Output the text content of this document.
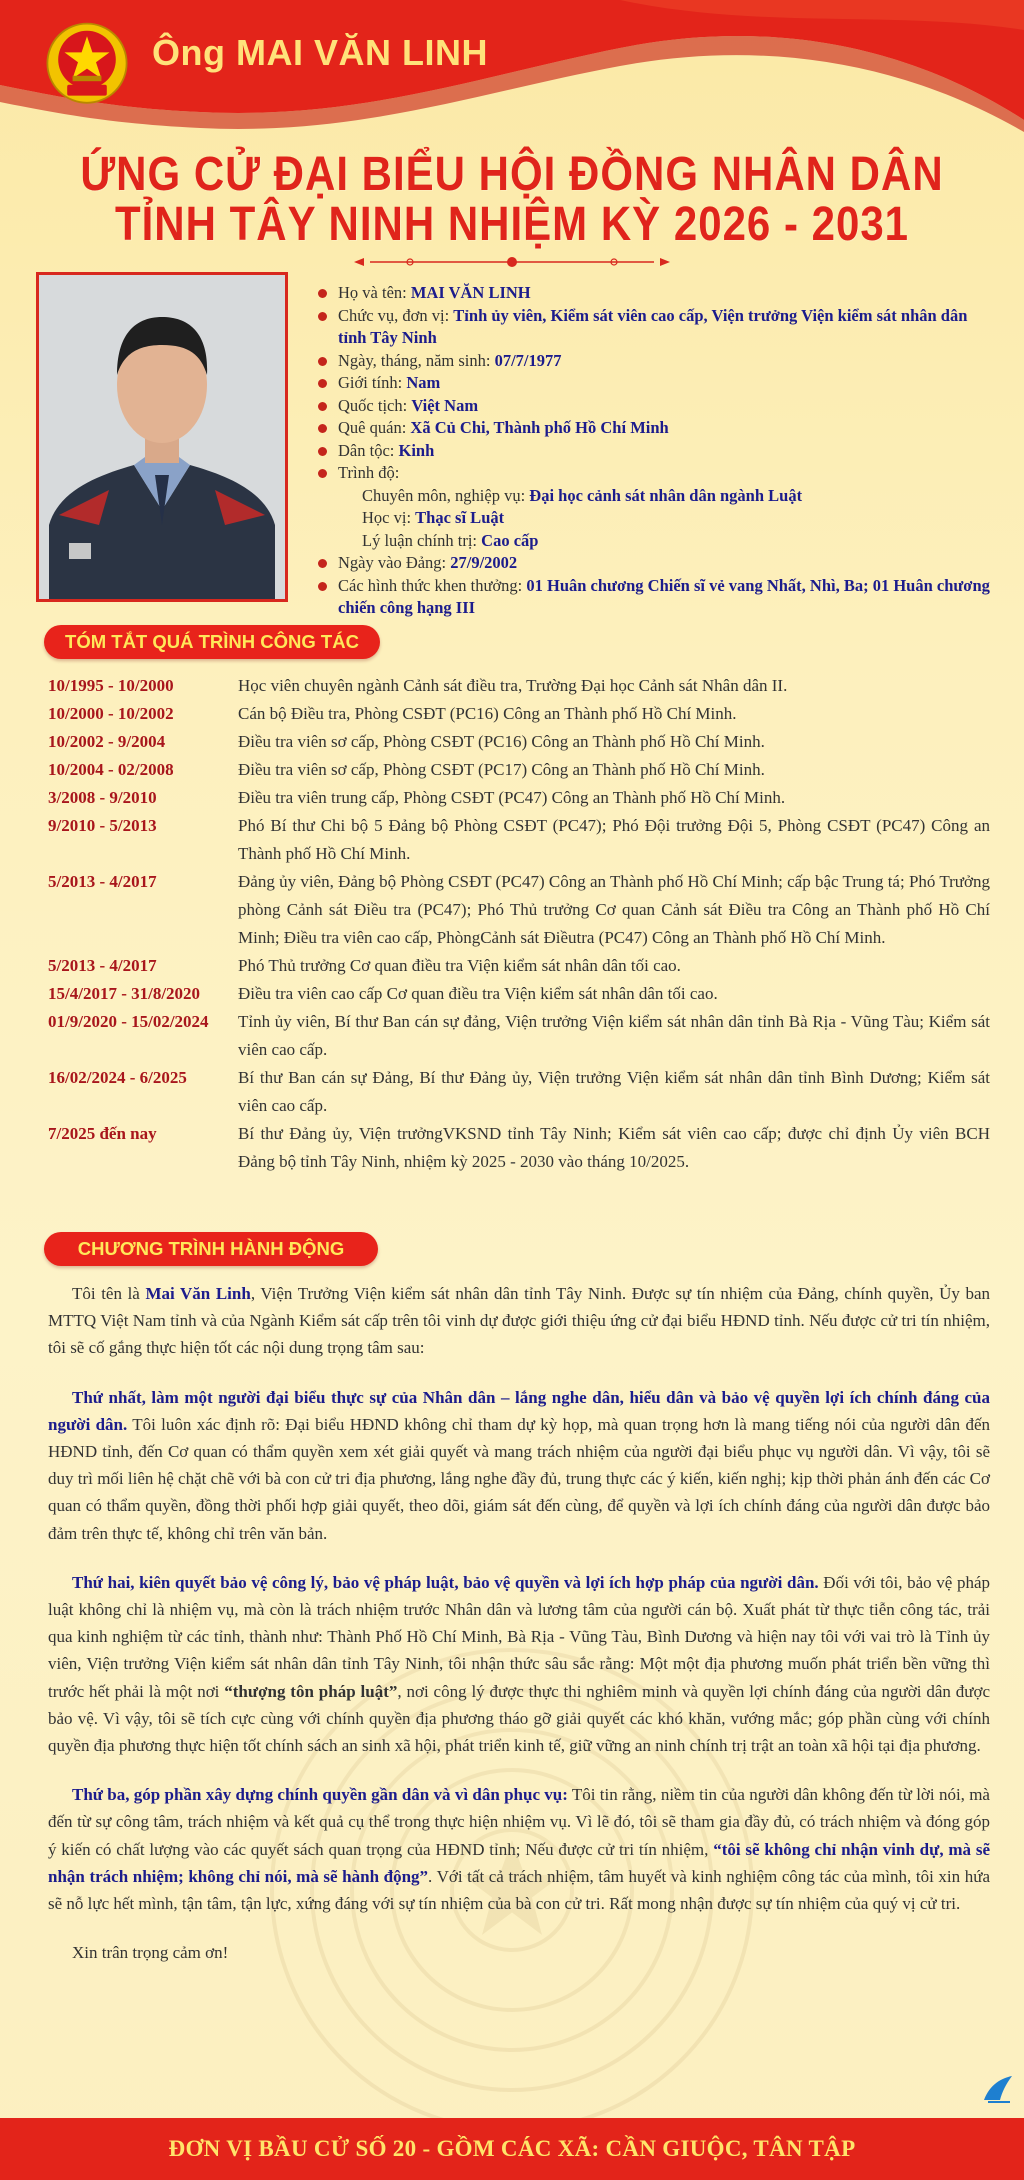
Ông MAI VĂN LINH
ỨNG CỬ ĐẠI BIỂU HỘI ĐỒNG NHÂN DÂN
TỈNH TÂY NINH NHIỆM KỲ 2026 - 2031
Họ và tên: MAI VĂN LINH
Chức vụ, đơn vị: Tỉnh ủy viên, Kiểm sát viên cao cấp, Viện trưởng Viện kiểm sát nhân dân tỉnh Tây Ninh
Ngày, tháng, năm sinh: 07/7/1977
Giới tính: Nam
Quốc tịch: Việt Nam
Quê quán: Xã Củ Chi, Thành phố Hồ Chí Minh
Dân tộc: Kinh
Trình độ:
Chuyên môn, nghiệp vụ: Đại học cảnh sát nhân dân ngành Luật
Học vị: Thạc sĩ Luật
Lý luận chính trị: Cao cấp
Ngày vào Đảng: 27/9/2002
Các hình thức khen thưởng: 01 Huân chương Chiến sĩ vẻ vang Nhất, Nhì, Ba; 01 Huân chương chiến công hạng III
TÓM TẮT QUÁ TRÌNH CÔNG TÁC
10/1995 - 10/2000	Học viên chuyên ngành Cảnh sát điều tra, Trường Đại học Cảnh sát Nhân dân II.
10/2000 - 10/2002	Cán bộ Điều tra, Phòng CSĐT (PC16) Công an Thành phố Hồ Chí Minh.
10/2002 - 9/2004	Điều tra viên sơ cấp, Phòng CSĐT (PC16) Công an Thành phố Hồ Chí Minh.
10/2004 - 02/2008	Điều tra viên sơ cấp, Phòng CSĐT (PC17) Công an Thành phố Hồ Chí Minh.
3/2008 - 9/2010	Điều tra viên trung cấp, Phòng CSĐT (PC47) Công an Thành phố Hồ Chí Minh.
9/2010 - 5/2013	Phó Bí thư Chi bộ 5 Đảng bộ Phòng CSĐT (PC47); Phó Đội trưởng Đội 5, Phòng CSĐT (PC47) Công an Thành phố Hồ Chí Minh.
5/2013 - 4/2017	Đảng ủy viên, Đảng bộ Phòng CSĐT (PC47) Công an Thành phố Hồ Chí Minh; cấp bậc Trung tá; Phó Trưởng phòng Cảnh sát Điều tra (PC47); Phó Thủ trưởng Cơ quan Cảnh sát Điều tra Công an Thành phố Hồ Chí Minh; Điều tra viên cao cấp, PhòngCảnh sát Điềutra (PC47) Công an Thành phố Hồ Chí Minh.
5/2013 - 4/2017	Phó Thủ trưởng Cơ quan điều tra Viện kiểm sát nhân dân tối cao.
15/4/2017 - 31/8/2020	Điều tra viên cao cấp Cơ quan điều tra Viện kiểm sát nhân dân tối cao.
01/9/2020 - 15/02/2024	Tỉnh ủy viên, Bí thư Ban cán sự đảng, Viện trưởng Viện kiểm sát nhân dân tỉnh Bà Rịa - Vũng Tàu; Kiểm sát viên cao cấp.
16/02/2024 - 6/2025	Bí thư Ban cán sự Đảng, Bí thư Đảng ủy, Viện trưởng Viện kiểm sát nhân dân tỉnh Bình Dương; Kiểm sát viên cao cấp.
7/2025 đến nay	Bí thư Đảng ủy, Viện trưởngVKSND tỉnh Tây Ninh; Kiểm sát viên cao cấp; được chỉ định Ủy viên BCH Đảng bộ tỉnh Tây Ninh, nhiệm kỳ 2025 - 2030 vào tháng 10/2025.
CHƯƠNG TRÌNH HÀNH ĐỘNG

Tôi tên là Mai Văn Linh, Viện Trưởng Viện kiểm sát nhân dân tỉnh Tây Ninh. Được sự tín nhiệm của Đảng, chính quyền, Ủy ban MTTQ Việt Nam tỉnh và của Ngành Kiểm sát cấp trên tôi vinh dự được giới thiệu ứng cử đại biểu HĐND tỉnh. Nếu được cử tri tín nhiệm, tôi sẽ cố gắng thực hiện tốt các nội dung trọng tâm sau:

Thứ nhất, làm một người đại biểu thực sự của Nhân dân – lắng nghe dân, hiểu dân và bảo vệ quyền lợi ích chính đáng của người dân. Tôi luôn xác định rõ: Đại biểu HĐND không chỉ tham dự kỳ họp, mà quan trọng hơn là mang tiếng nói của người dân đến HĐND tỉnh, đến Cơ quan có thẩm quyền xem xét giải quyết và mang trách nhiệm của người đại biểu phục vụ người dân. Vì vậy, tôi sẽ duy trì mối liên hệ chặt chẽ với bà con cử tri địa phương, lắng nghe đầy đủ, trung thực các ý kiến, kiến nghị; kịp thời phản ánh đến các Cơ quan có thẩm quyền, đồng thời phối hợp giải quyết, theo dõi, giám sát đến cùng, để quyền và lợi ích chính đáng của người dân được bảo đảm trên thực tế, không chỉ trên văn bản.

Thứ hai, kiên quyết bảo vệ công lý, bảo vệ pháp luật, bảo vệ quyền và lợi ích hợp pháp của người dân. Đối với tôi, bảo vệ pháp luật không chỉ là nhiệm vụ, mà còn là trách nhiệm trước Nhân dân và lương tâm của người cán bộ. Xuất phát từ thực tiễn công tác, trải qua kinh nghiệm từ các tỉnh, thành như: Thành Phố Hồ Chí Minh, Bà Rịa - Vũng Tàu, Bình Dương và hiện nay tôi với vai trò là Tỉnh ủy viên, Viện trưởng Viện kiểm sát nhân dân tỉnh Tây Ninh, tôi nhận thức sâu sắc rằng: Một một địa phương muốn phát triển bền vững thì trước hết phải là một nơi “thượng tôn pháp luật”, nơi công lý được thực thi nghiêm minh và quyền lợi chính đáng của người dân được bảo vệ. Vì vậy, tôi sẽ tích cực cùng với chính quyền địa phương tháo gỡ giải quyết các khó khăn, vướng mắc; góp phần cùng với chính quyền địa phương thực hiện tốt chính sách an sinh xã hội, phát triển kinh tế, giữ vững an ninh chính trị trật an toàn xã hội tại địa phương.

Thứ ba, góp phần xây dựng chính quyền gần dân và vì dân phục vụ: Tôi tin rằng, niềm tin của người dân không đến từ lời nói, mà đến từ sự công tâm, trách nhiệm và kết quả cụ thể trong thực hiện nhiệm vụ. Vì lẽ đó, tôi sẽ tham gia đầy đủ, có trách nhiệm và đóng góp ý kiến có chất lượng vào các quyết sách quan trọng của HĐND tỉnh; Nếu được cử tri tín nhiệm, “tôi sẽ không chỉ nhận vinh dự, mà sẽ nhận trách nhiệm; không chỉ nói, mà sẽ hành động”. Với tất cả trách nhiệm, tâm huyết và kinh nghiệm công tác của mình, tôi xin hứa sẽ nỗ lực hết mình, tận tâm, tận lực, xứng đáng với sự tín nhiệm của bà con cử tri. Rất mong nhận được sự tín nhiệm của quý vị cử tri.

Xin trân trọng cảm ơn!

ĐƠN VỊ BẦU CỬ SỐ 20 - GỒM CÁC XÃ: CẦN GIUỘC, TÂN TẬP
